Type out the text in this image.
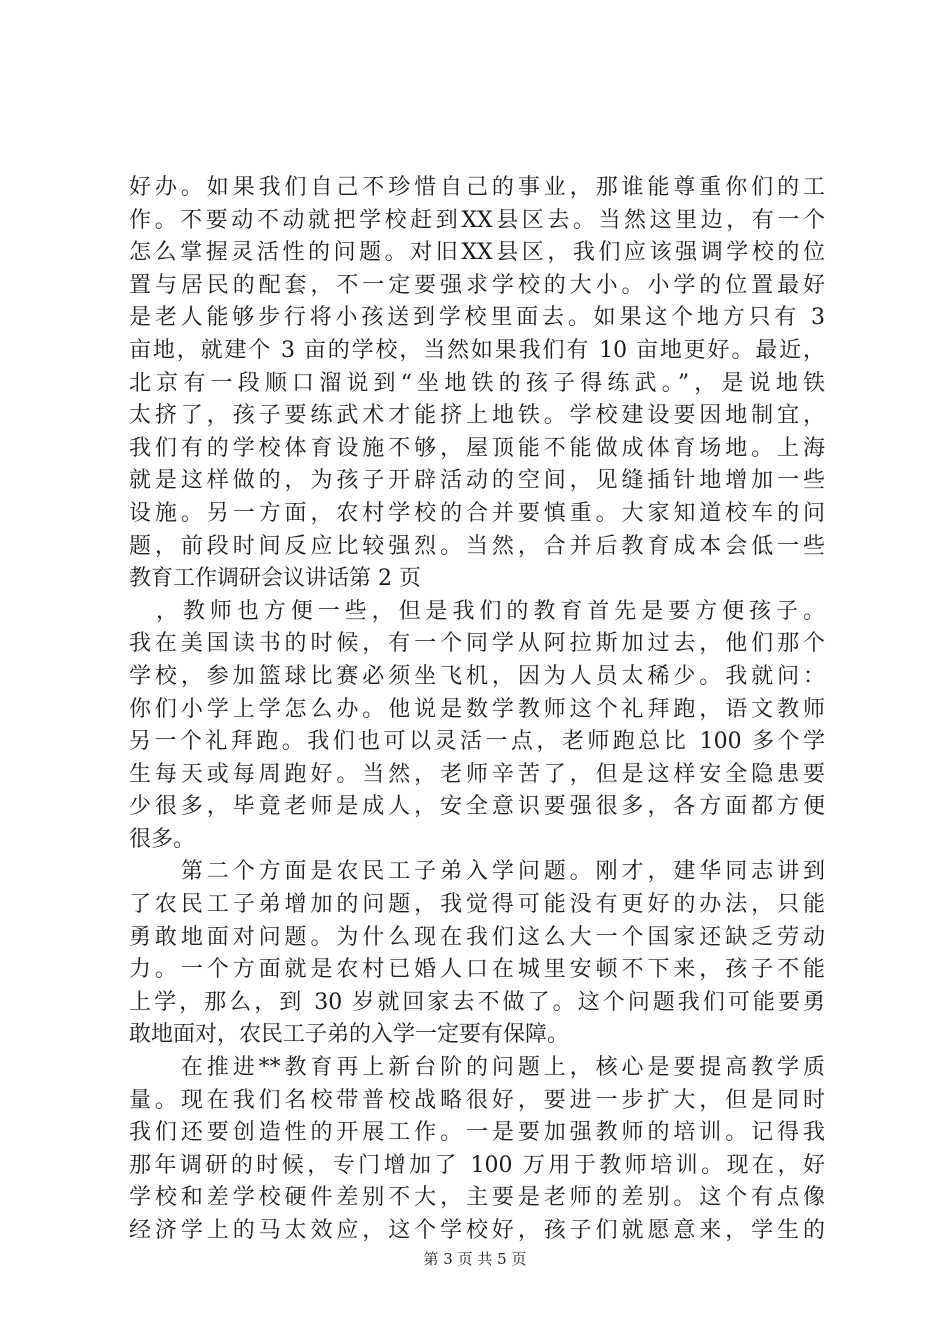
好办。如果我们自己不珍惜自己的事业，那谁能尊重你们的工
作。不要动不动就把学校赶到XX县区去。当然这里边，有一个
怎么掌握灵活性的问题。对旧XX县区，我们应该强调学校的位
置与居民的配套，不一定要强求学校的大小。小学的位置最好
是老人能够步行将小孩送到学校里面去。如果这个地方只有 3
亩地，就建个 3 亩的学校，当然如果我们有 10 亩地更好。最近，
北京有一段顺口溜说到“坐地铁的孩子得练武。”，是说地铁
太挤了，孩子要练武术才能挤上地铁。学校建设要因地制宜，
我们有的学校体育设施不够，屋顶能不能做成体育场地。上海
就是这样做的，为孩子开辟活动的空间，见缝插针地增加一些
设施。另一方面，农村学校的合并要慎重。大家知道校车的问
题，前段时间反应比较强烈。当然，合并后教育成本会低一些
教育工作调研会议讲话第 2 页
　，教师也方便一些，但是我们的教育首先是要方便孩子。
我在美国读书的时候，有一个同学从阿拉斯加过去，他们那个
学校，参加篮球比赛必须坐飞机，因为人员太稀少。我就问：
你们小学上学怎么办。他说是数学教师这个礼拜跑，语文教师
另一个礼拜跑。我们也可以灵活一点，老师跑总比 100 多个学
生每天或每周跑好。当然，老师辛苦了，但是这样安全隐患要
少很多，毕竟老师是成人，安全意识要强很多，各方面都方便
很多。
　　第二个方面是农民工子弟入学问题。刚才，建华同志讲到
了农民工子弟增加的问题，我觉得可能没有更好的办法，只能
勇敢地面对问题。为什么现在我们这么大一个国家还缺乏劳动
力。一个方面就是农村已婚人口在城里安顿不下来，孩子不能
上学，那么，到 30 岁就回家去不做了。这个问题我们可能要勇
敢地面对，农民工子弟的入学一定要有保障。
　　在推进**教育再上新台阶的问题上，核心是要提高教学质
量。现在我们名校带普校战略很好，要进一步扩大，但是同时
我们还要创造性的开展工作。一是要加强教师的培训。记得我
那年调研的时候，专门增加了 100 万用于教师培训。现在，好
学校和差学校硬件差别不大，主要是老师的差别。这个有点像
经济学上的马太效应，这个学校好，孩子们就愿意来，学生的
第 3 页 共 5 页
